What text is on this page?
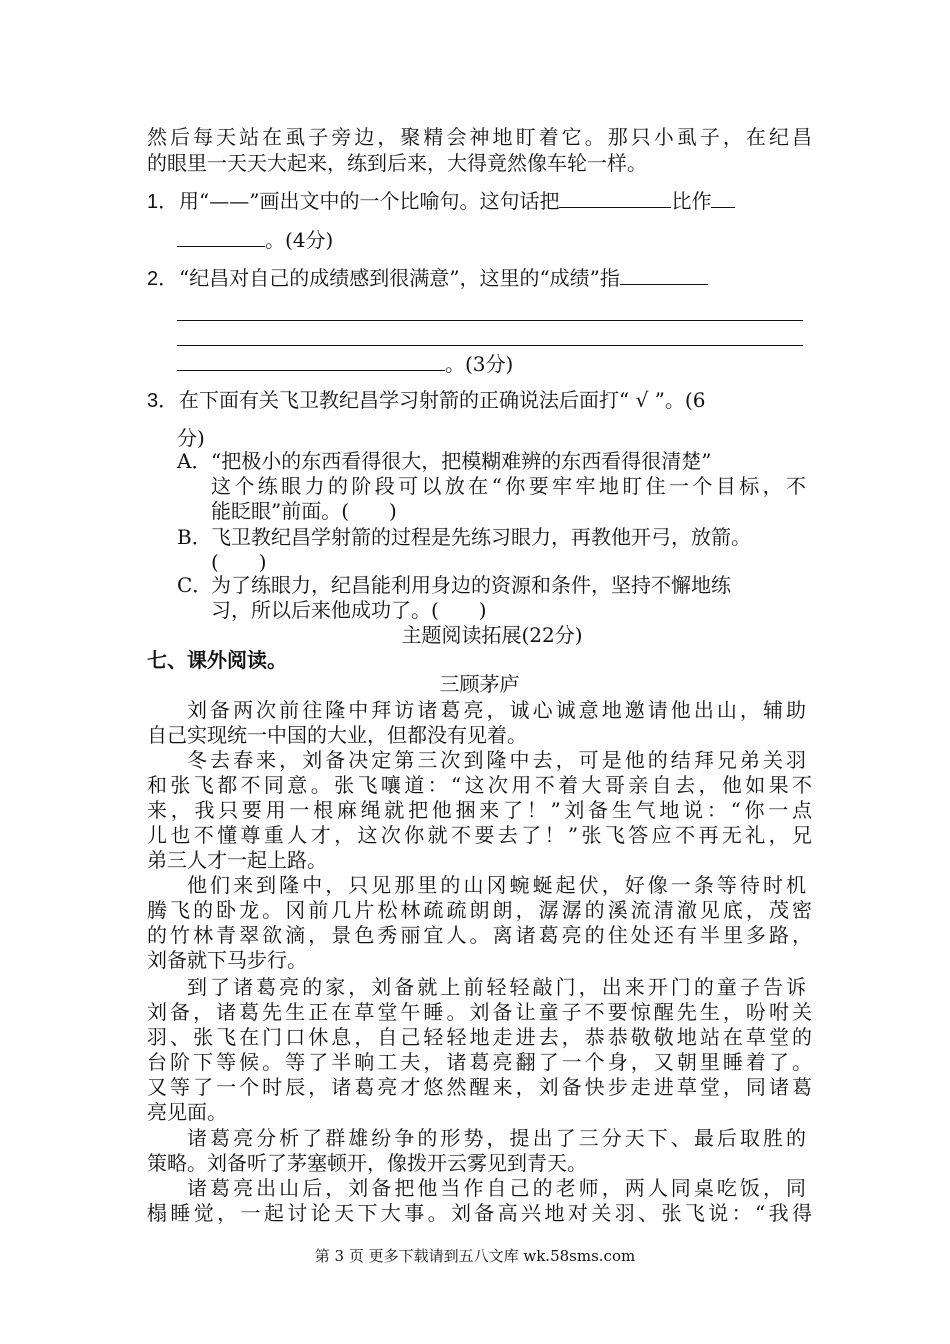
然后每天站在虱子旁边，聚精会神地盯着它。那只小虱子，在纪昌
的眼里一天天大起来，练到后来，大得竟然像车轮一样。
1．用“——”画出文中的一个比喻句。这句话把	比作
。(4分)
2．“纪昌对自己的成绩感到很满意”，这里的“成绩”指
。(3分)
3．在下面有关飞卫教纪昌学习射箭的正确说法后面打“ √ ”。(6
分)
A．“把极小的东西看得很大，把模糊难辨的东西看得很清楚”
这个练眼力的阶段可以放在“你要牢牢地盯住一个目标，不
能眨眼”前面。(　　)
B．飞卫教纪昌学射箭的过程是先练习眼力，再教他开弓，放箭。
(　　)
C．为了练眼力，纪昌能利用身边的资源和条件，坚持不懈地练
习，所以后来他成功了。(　　)
主题阅读拓展(22分)
七、课外阅读。
三顾茅庐
刘备两次前往隆中拜访诸葛亮，诚心诚意地邀请他出山，辅助
自己实现统一中国的大业，但都没有见着。
冬去春来，刘备决定第三次到隆中去，可是他的结拜兄弟关羽
和张飞都不同意。张飞嚷道：“这次用不着大哥亲自去，他如果不
来，我只要用一根麻绳就把他捆来了！”刘备生气地说：“你一点
儿也不懂尊重人才，这次你就不要去了！”张飞答应不再无礼，兄
弟三人才一起上路。
他们来到隆中，只见那里的山冈蜿蜒起伏，好像一条等待时机
腾飞的卧龙。冈前几片松林疏疏朗朗，潺潺的溪流清澈见底，茂密
的竹林青翠欲滴，景色秀丽宜人。离诸葛亮的住处还有半里多路，
刘备就下马步行。
到了诸葛亮的家，刘备就上前轻轻敲门，出来开门的童子告诉
刘备，诸葛先生正在草堂午睡。刘备让童子不要惊醒先生，吩咐关
羽、张飞在门口休息，自己轻轻地走进去，恭恭敬敬地站在草堂的
台阶下等候。等了半晌工夫，诸葛亮翻了一个身，又朝里睡着了。
又等了一个时辰，诸葛亮才悠然醒来，刘备快步走进草堂，同诸葛
亮见面。
诸葛亮分析了群雄纷争的形势，提出了三分天下、最后取胜的
策略。刘备听了茅塞顿开，像拨开云雾见到青天。
诸葛亮出山后，刘备把他当作自己的老师，两人同桌吃饭，同
榻睡觉，一起讨论天下大事。刘备高兴地对关羽、张飞说：“我得
第 3 页 更多下载请到五八文库 wk.58sms.com
